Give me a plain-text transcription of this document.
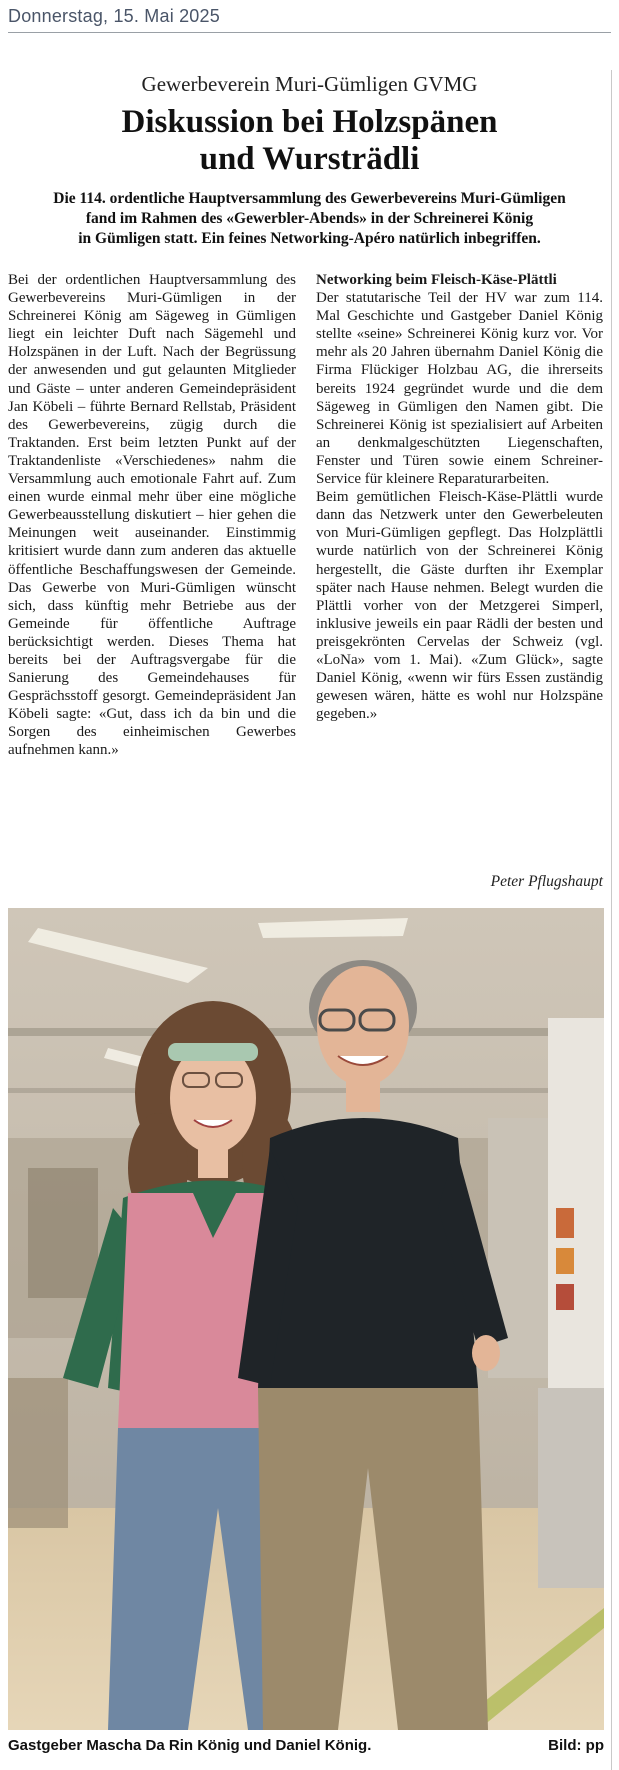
Donnerstag, 15. Mai 2025
Gewerbeverein Muri-Gümligen GVMG
Diskussion bei Holzspänen
und Wursträdli
Die 114. ordentliche Hauptversammlung des Gewerbevereins Muri-Gümligen
fand im Rahmen des «Gewerbler-Abends» in der Schreinerei König
in Gümligen statt. Ein feines Networking-Apéro natürlich inbegriffen.

Bei der ordentlichen Hauptversammlung des Gewerbevereins Muri-Gümligen in der Schreinerei König am Sägeweg in Gümligen liegt ein leichter Duft nach Sägemehl und Holzspänen in der Luft. Nach der Begrüssung der anwesenden und gut gelaunten Mitglieder und Gäste – unter anderen Gemeindepräsident Jan Köbeli – führte Bernard Rellstab, Präsident des Gewerbevereins, zügig durch die Traktanden. Erst beim letzten Punkt auf der Traktandenliste «Verschiedenes» nahm die Versammlung auch emotionale Fahrt auf. Zum einen wurde einmal mehr über eine mögliche Gewerbeausstellung diskutiert – hier gehen die Meinungen weit auseinander. Einstimmig kritisiert wurde dann zum anderen das aktuelle öffentliche Beschaffungswesen der Gemeinde. Das Gewerbe von Muri-Gümligen wünscht sich, dass künftig mehr Betriebe aus der Gemeinde für öffentliche Auftrage berücksichtigt werden. Dieses Thema hat bereits bei der Auftragsvergabe für die Sanierung des Gemeindehauses für Gesprächsstoff gesorgt. Gemeindepräsident Jan Köbeli sagte: «Gut, dass ich da bin und die Sorgen des einheimischen Gewerbes aufnehmen kann.»

Networking beim Fleisch-Käse-Plättli

Der statutarische Teil der HV war zum 114. Mal Geschichte und Gastgeber Daniel König stellte «seine» Schreinerei König kurz vor. Vor mehr als 20 Jahren übernahm Daniel König die Firma Flückiger Holzbau AG, die ihrerseits bereits 1924 gegründet wurde und die dem Sägeweg in Gümligen den Namen gibt. Die Schreinerei König ist spezialisiert auf Arbeiten an denkmalgeschützten Liegenschaften, Fenster und Türen sowie einem Schreiner-Service für kleinere Reparaturarbeiten.

Beim gemütlichen Fleisch-Käse-Plättli wurde dann das Netzwerk unter den Gewerbeleuten von Muri-Gümligen gepflegt. Das Holzplättli wurde natürlich von der Schreinerei König hergestellt, die Gäste durften ihr Exemplar später nach Hause nehmen. Belegt wurden die Plättli vorher von der Metzgerei Simperl, inklusive jeweils ein paar Rädli der besten und preisgekrönten Cervelas der Schweiz (vgl. «LoNa» vom 1. Mai). «Zum Glück», sagte Daniel König, «wenn wir fürs Essen zuständig gewesen wären, hätte es wohl nur Holzspäne gegeben.»

Peter Pflugshaupt
Gastgeber Mascha Da Rin König und Daniel König.	Bild: pp
